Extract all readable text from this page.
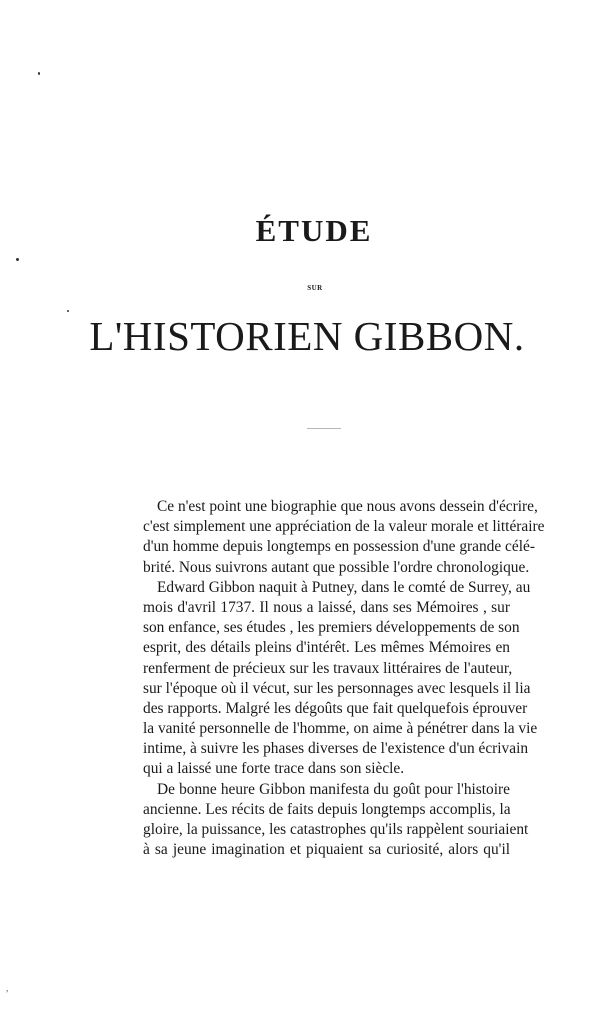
ÉTUDE
SUR
L'HISTORIEN GIBBON.
Ce n'est point une biographie que nous avons dessein d'écrire,
c'est simplement une appréciation de la valeur morale et littéraire
d'un homme depuis longtemps en possession d'une grande célé-
brité. Nous suivrons autant que possible l'ordre chronologique.
Edward Gibbon naquit à Putney, dans le comté de Surrey, au
mois d'avril 1737. Il nous a laissé, dans ses Mémoires , sur
son enfance, ses études , les premiers développements de son
esprit, des détails pleins d'intérêt. Les mêmes Mémoires en
renferment de précieux sur les travaux littéraires de l'auteur,
sur l'époque où il vécut, sur les personnages avec lesquels il lia
des rapports. Malgré les dégoûts que fait quelquefois éprouver
la vanité personnelle de l'homme, on aime à pénétrer dans la vie
intime, à suivre les phases diverses de l'existence d'un écrivain
qui a laissé une forte trace dans son siècle.
De bonne heure Gibbon manifesta du goût pour l'histoire
ancienne. Les récits de faits depuis longtemps accomplis, la
gloire, la puissance, les catastrophes qu'ils rappèlent souriaient
à sa jeune imagination et piquaient sa curiosité, alors qu'il
,
